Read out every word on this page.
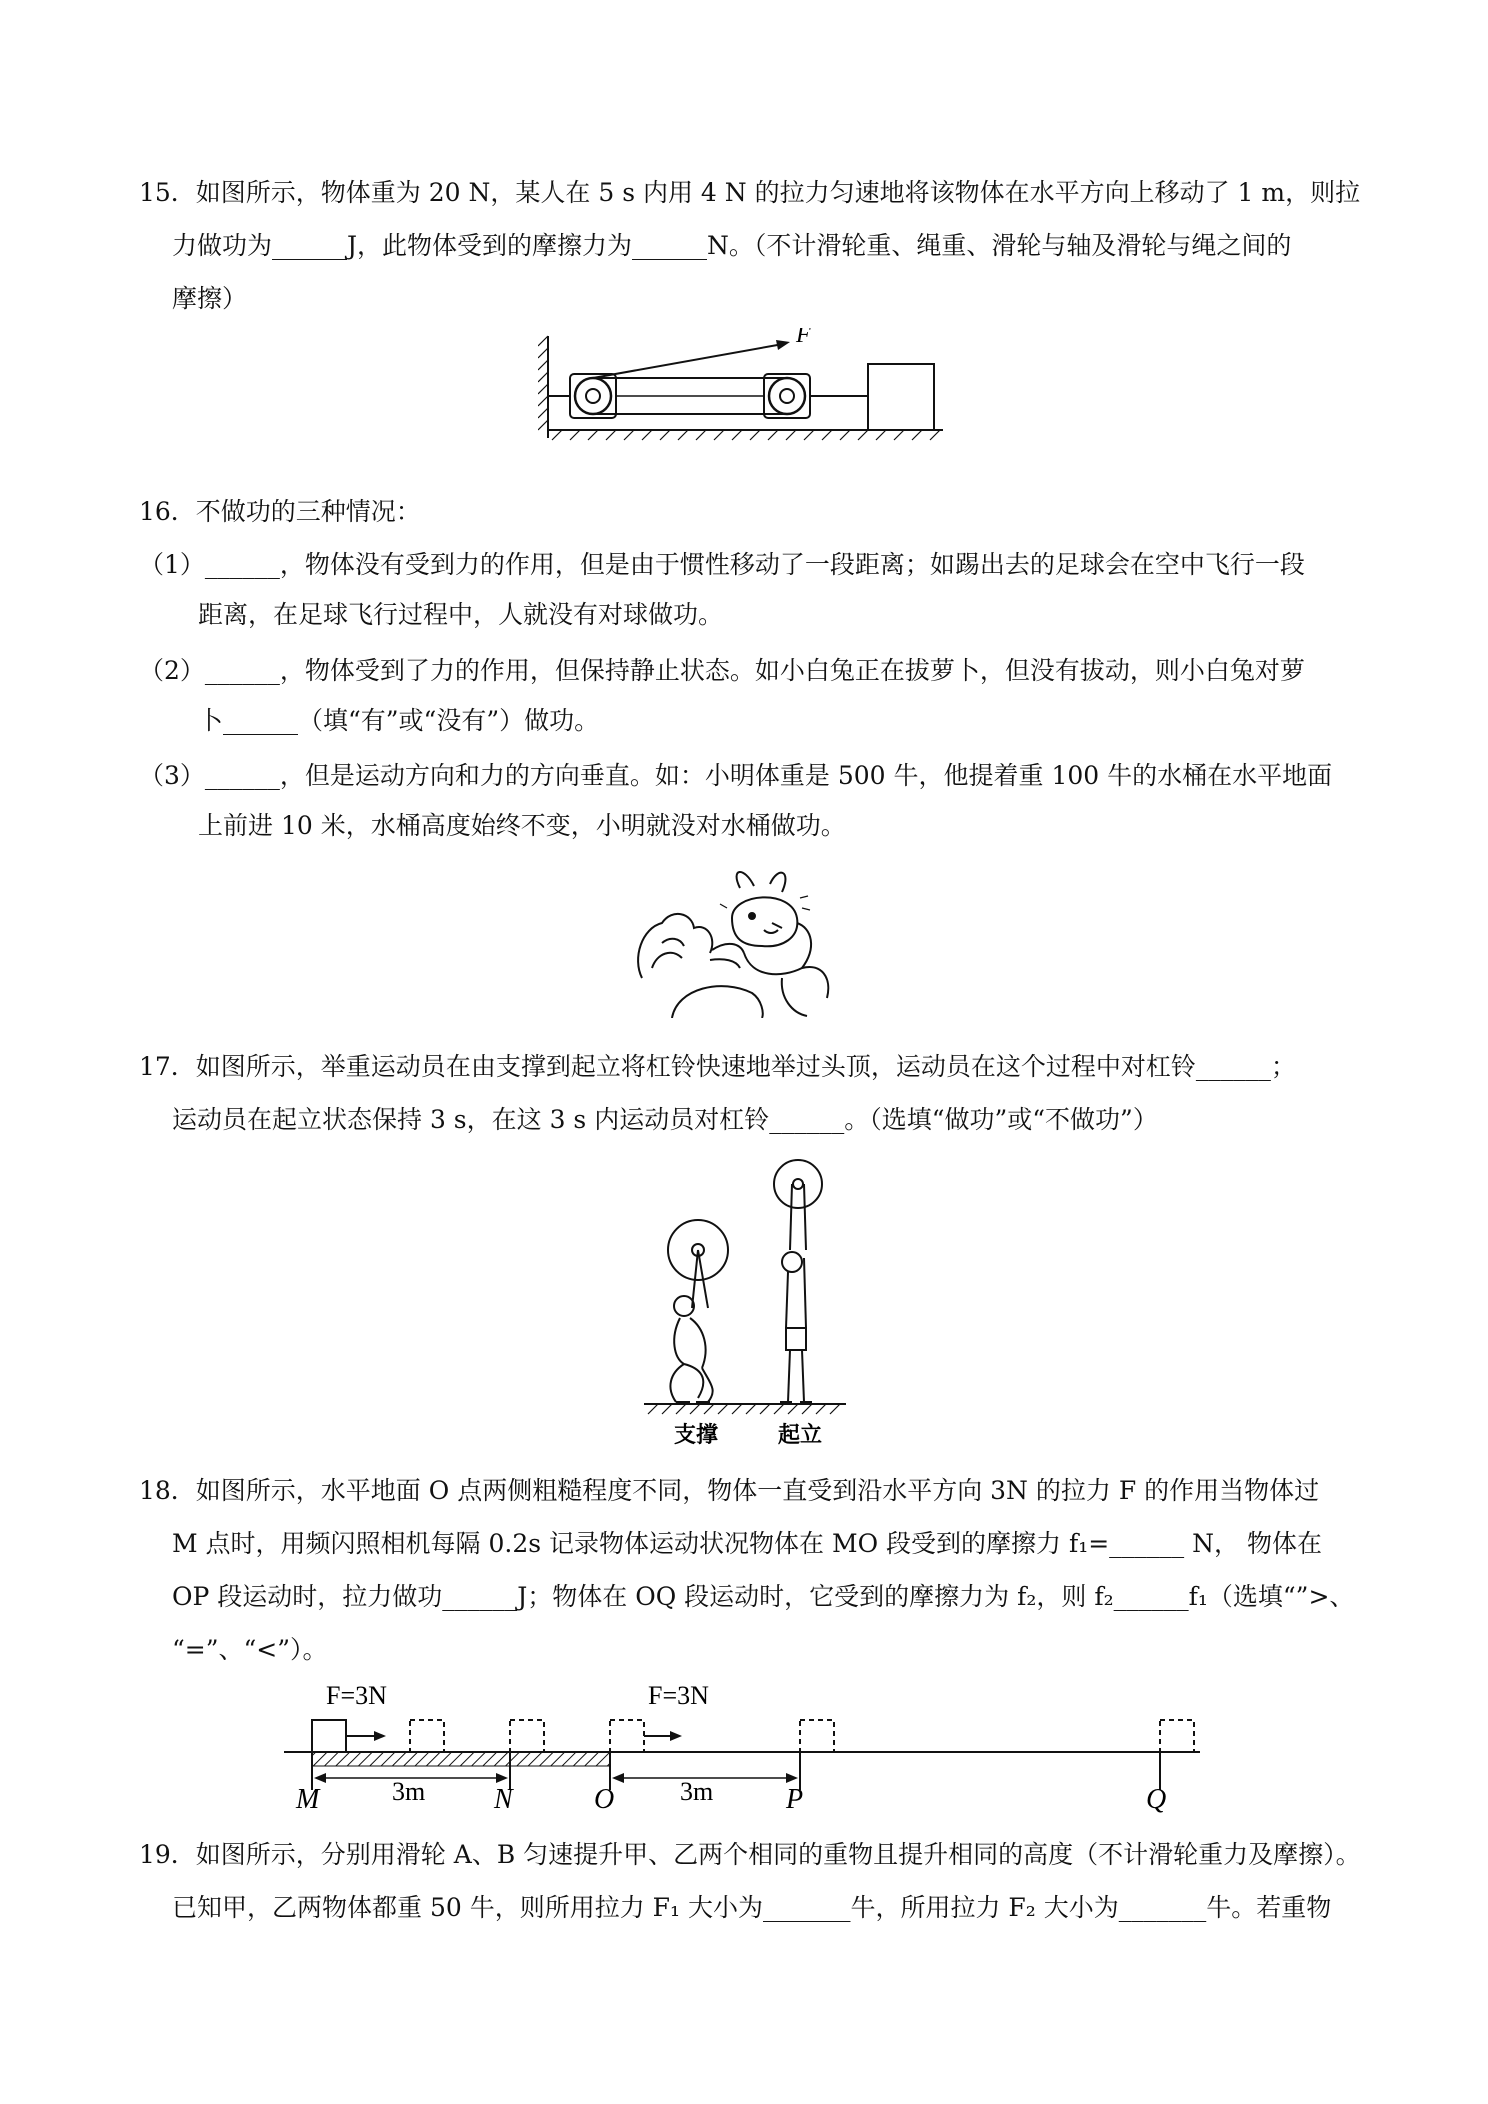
15．如图所示，物体重为 20 N，某人在 5 s 内用 4 N 的拉力匀速地将该物体在水平方向上移动了 1 m，则拉
力做功为______J，此物体受到的摩擦力为______N。（不计滑轮重、绳重、滑轮与轴及滑轮与绳之间的
摩擦）
F
16．不做功的三种情况：
（1）______，物体没有受到力的作用，但是由于惯性移动了一段距离；如踢出去的足球会在空中飞行一段
距离，在足球飞行过程中，人就没有对球做功。
（2）______，物体受到了力的作用，但保持静止状态。如小白兔正在拔萝卜，但没有拔动，则小白兔对萝
卜______（填“有”或“没有”）做功。
（3）______，但是运动方向和力的方向垂直。如：小明体重是 500 牛，他提着重 100 牛的水桶在水平地面
上前进 10 米，水桶高度始终不变，小明就没对水桶做功。
17．如图所示，举重运动员在由支撑到起立将杠铃快速地举过头顶，运动员在这个过程中对杠铃______；
运动员在起立状态保持 3 s，在这 3 s 内运动员对杠铃______。（选填“做功”或“不做功”）
支撑	起立
18．如图所示，水平地面 O 点两侧粗糙程度不同，物体一直受到沿水平方向 3N 的拉力 F 的作用当物体过
M 点时，用频闪照相机每隔 0.2s 记录物体运动状况物体在 MO 段受到的摩擦力 f₁=______ N， 物体在
OP 段运动时，拉力做功______J；物体在 OQ 段运动时，它受到的摩擦力为 f₂，则 f₂______f₁（选填“”>、
“=”、“<”）。
F=3N	F=3N
3m	3m
M	N	O	P	Q
19．如图所示，分别用滑轮 A、B 匀速提升甲、乙两个相同的重物且提升相同的高度（不计滑轮重力及摩擦）。
已知甲，乙两物体都重 50 牛，则所用拉力 F₁ 大小为_______牛，所用拉力 F₂ 大小为_______牛。若重物
